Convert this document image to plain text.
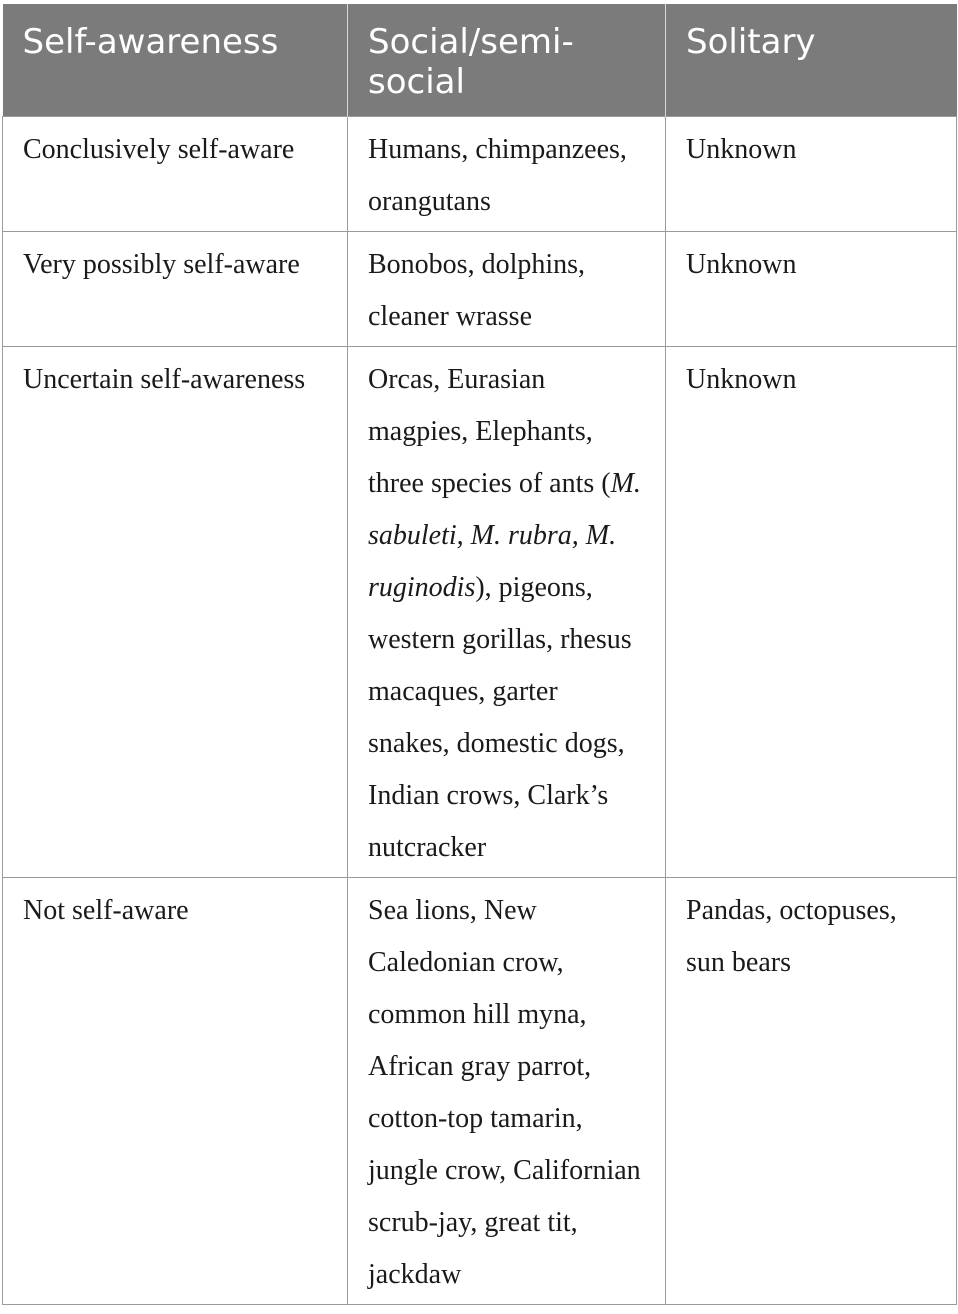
Self-awareness	Social/semi-social	Solitary
Conclusively self-aware	Humans, chimpanzees, orangutans	Unknown
Very possibly self-aware	Bonobos, dolphins, cleaner wrasse	Unknown
Uncertain self-awareness	Orcas, Eurasian magpies, Elephants, three species of ants (M. sabuleti, M. rubra, M. ruginodis), pigeons, western gorillas, rhesus macaques, garter snakes, domestic dogs, Indian crows, Clark’s nutcracker	Unknown
Not self-aware	Sea lions, New Caledonian crow, common hill myna, African gray parrot, cotton-top tamarin, jungle crow, Californian scrub-jay, great tit, jackdaw	Pandas, octopuses, sun bears
